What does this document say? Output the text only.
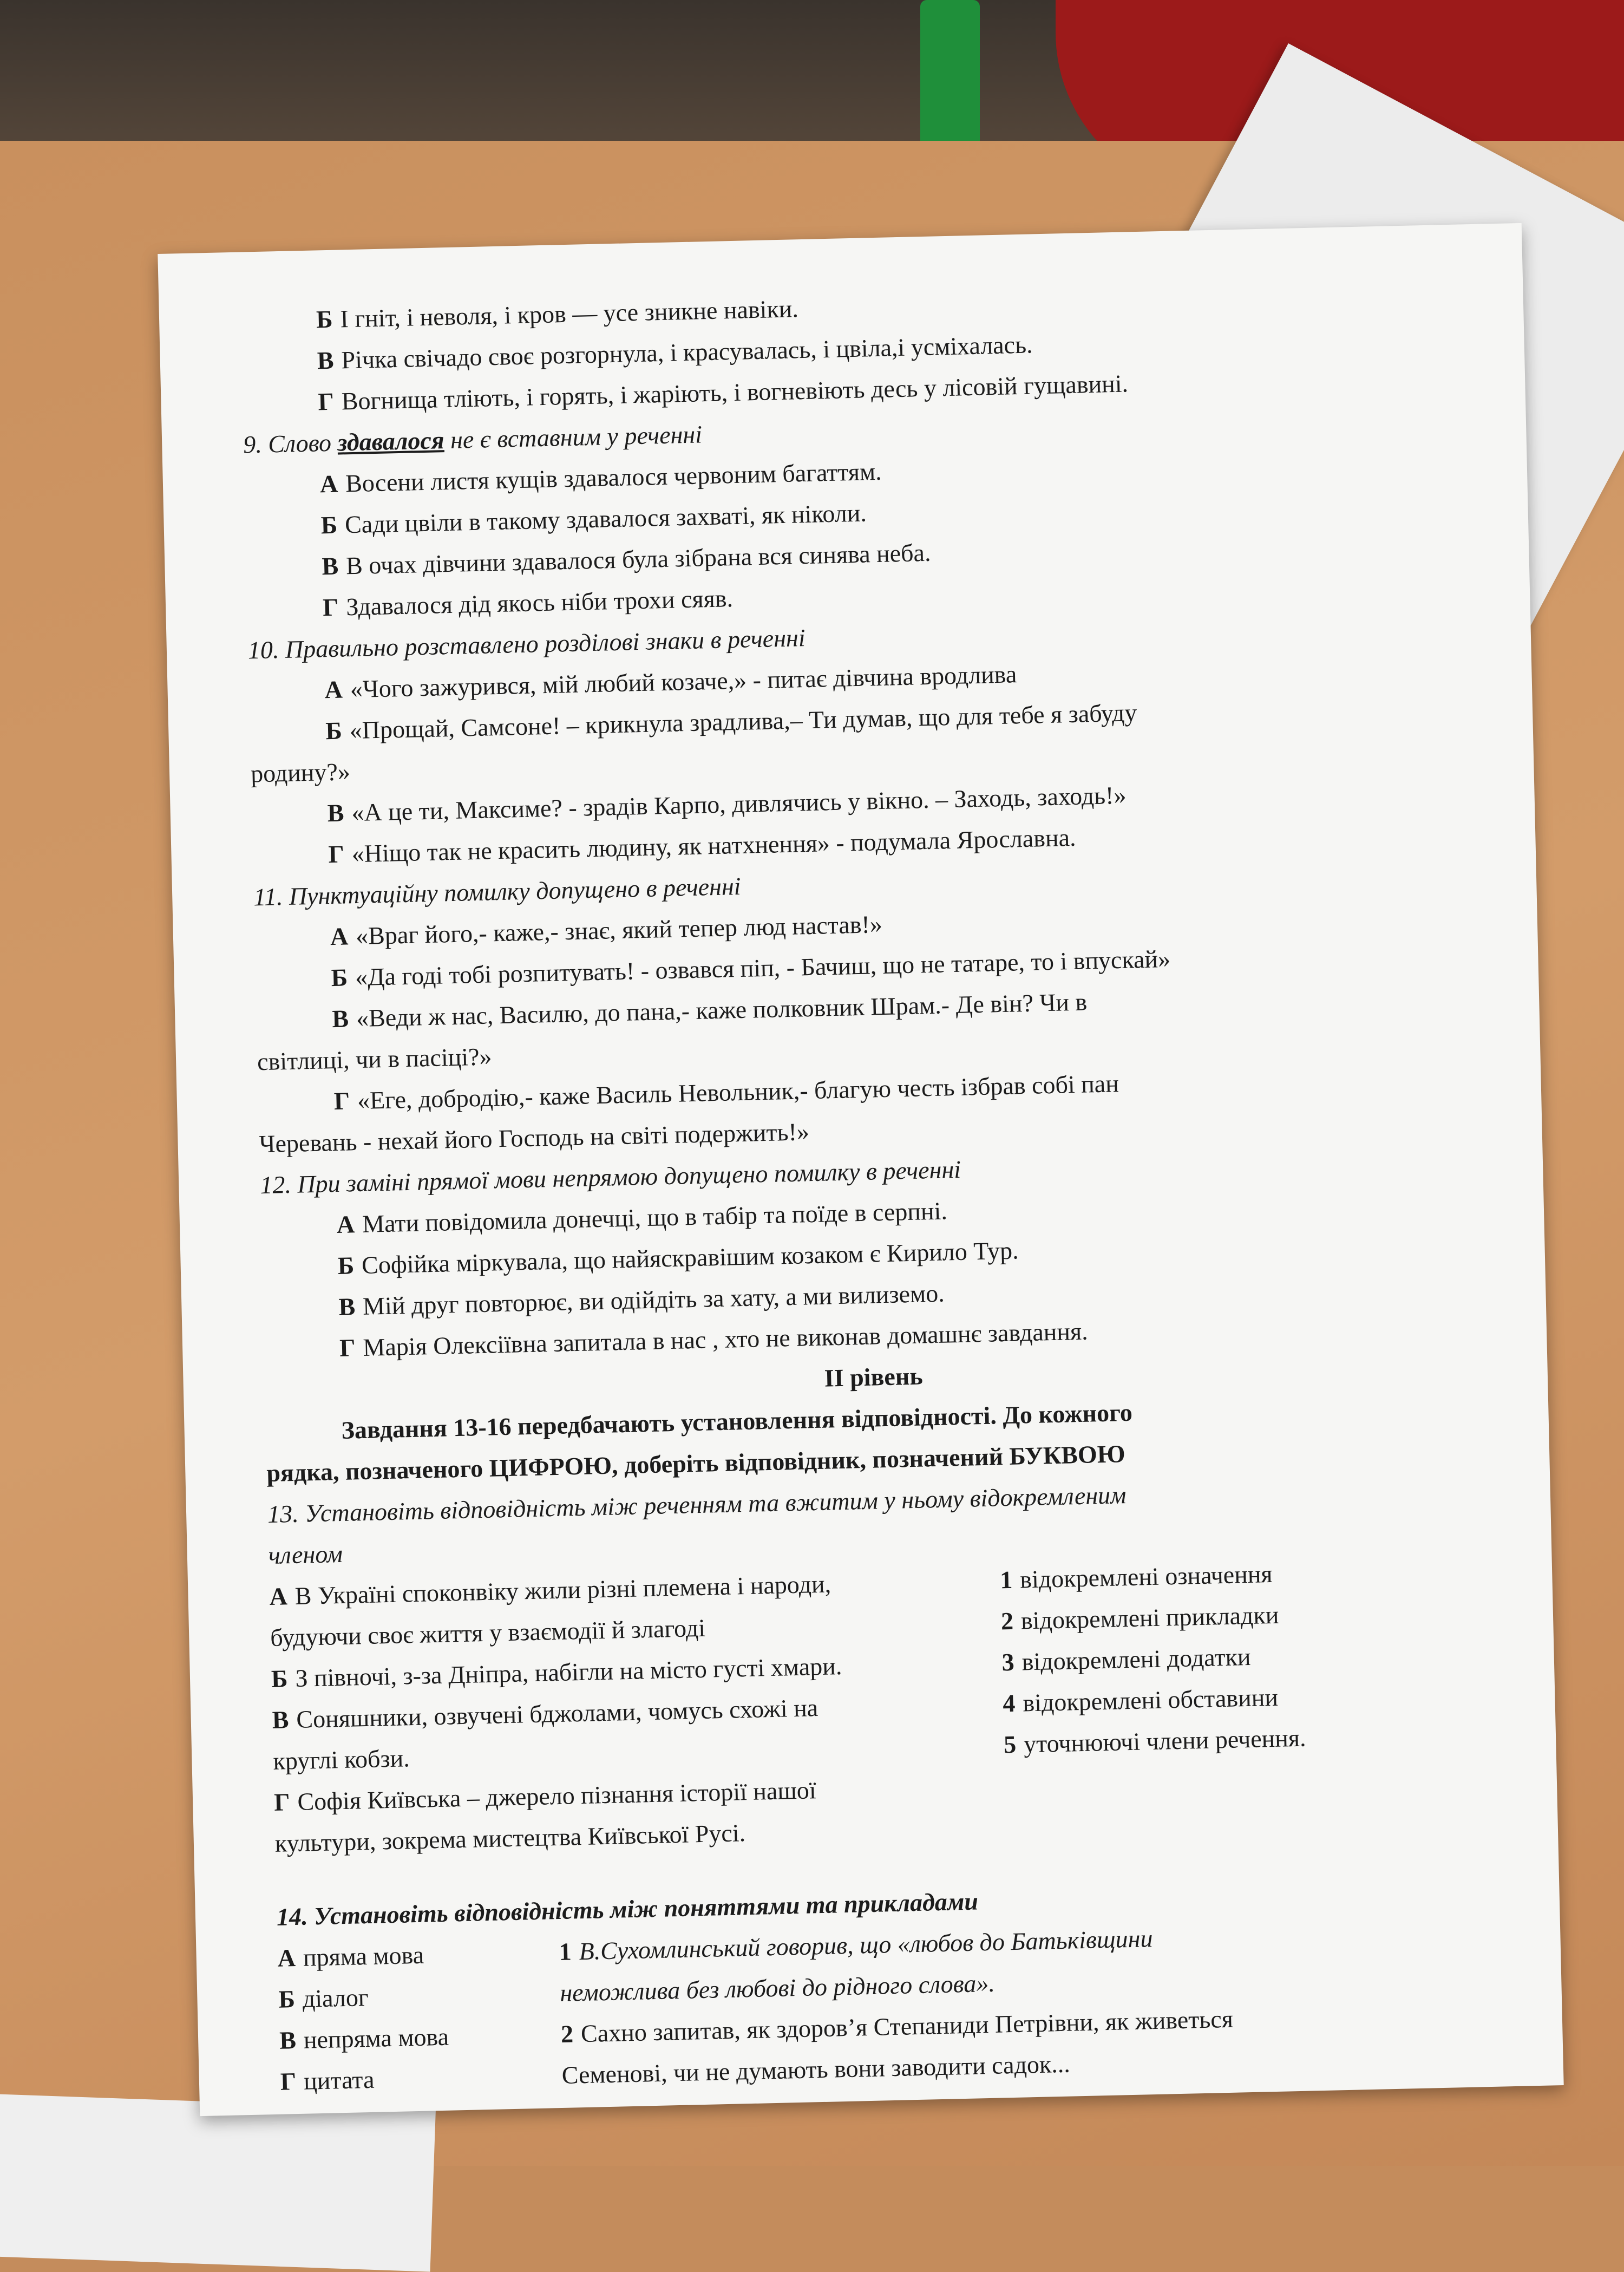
Б І гніт, і неволя, і кров — усе зникне навіки.
В Річка свічадо своє розгорнула, і красувалась, і цвіла,і усміхалась.
Г Вогнища тліють, і горять, і жаріють, і вогневіють десь у лісовій гущавині.
9. Слово здавалося не є вставним у реченні
А Восени листя кущів здавалося червоним багаттям.
Б Сади цвіли в такому здавалося захваті, як ніколи.
В В очах дівчини здавалося була зібрана вся синява неба.
Г Здавалося дід якось ніби трохи сяяв.
10. Правильно розставлено розділові знаки в реченні
А «Чого зажурився, мій любий козаче,» - питає дівчина вродлива
Б «Прощай, Самсоне! – крикнула зрадлива,– Ти думав, що для тебе я забуду
родину?»
В «А це ти, Максиме? - зрадів Карпо, дивлячись у вікно. – Заходь, заходь!»
Г «Ніщо так не красить людину, як натхнення» - подумала Ярославна.
11. Пунктуаційну помилку допущено в реченні
А «Враг його,- каже,- знає, який тепер люд настав!»
Б «Да годі тобі розпитувать! - озвався піп, - Бачиш, що не татаре, то і впускай»
В «Веди ж нас, Василю, до пана,- каже полковник Шрам.- Де він? Чи в
світлиці, чи в пасіці?»
Г «Еге, добродію,- каже Василь Невольник,- благую честь ізбрав собі пан
Черевань - нехай його Господь на світі подержить!»
12. При заміні прямої мови непрямою допущено помилку в реченні
А Мати повідомила донечці, що в табір та поїде в серпні.
Б Софійка міркувала, що найяскравішим козаком є Кирило Тур.
В Мій друг повторює, ви одійдіть за хату, а ми вилиземо.
Г Марія Олексіївна запитала в нас , хто не виконав домашнє завдання.
ІІ рівень
Завдання 13-16 передбачають установлення відповідності. До кожного
рядка, позначеного ЦИФРОЮ, доберіть відповідник, позначений БУКВОЮ
13. Установіть відповідність між реченням та вжитим у ньому відокремленим
членом
А В Україні споконвіку жили різні племена і народи,
будуючи своє життя у взаємодії й злагоді
Б З півночі, з-за Дніпра, набігли на місто густі хмари.
В Соняшники, озвучені бджолами, чомусь схожі на
круглі кобзи.
Г Софія Київська – джерело пізнання історії нашої
культури, зокрема мистецтва Київської Русі.
1 відокремлені означення
2 відокремлені прикладки
3 відокремлені додатки
4 відокремлені обставини
5 уточнюючі члени речення.
14. Установіть відповідність між поняттями та прикладами
А пряма мова
Б діалог
В непряма мова
Г цитата
1 В.Сухомлинський говорив, що «любов до Батьківщини
неможлива без любові до рідного слова».
2 Сахно запитав, як здоров’я Степаниди Петрівни, як живеться
Семенові, чи не думають вони заводити садок...
